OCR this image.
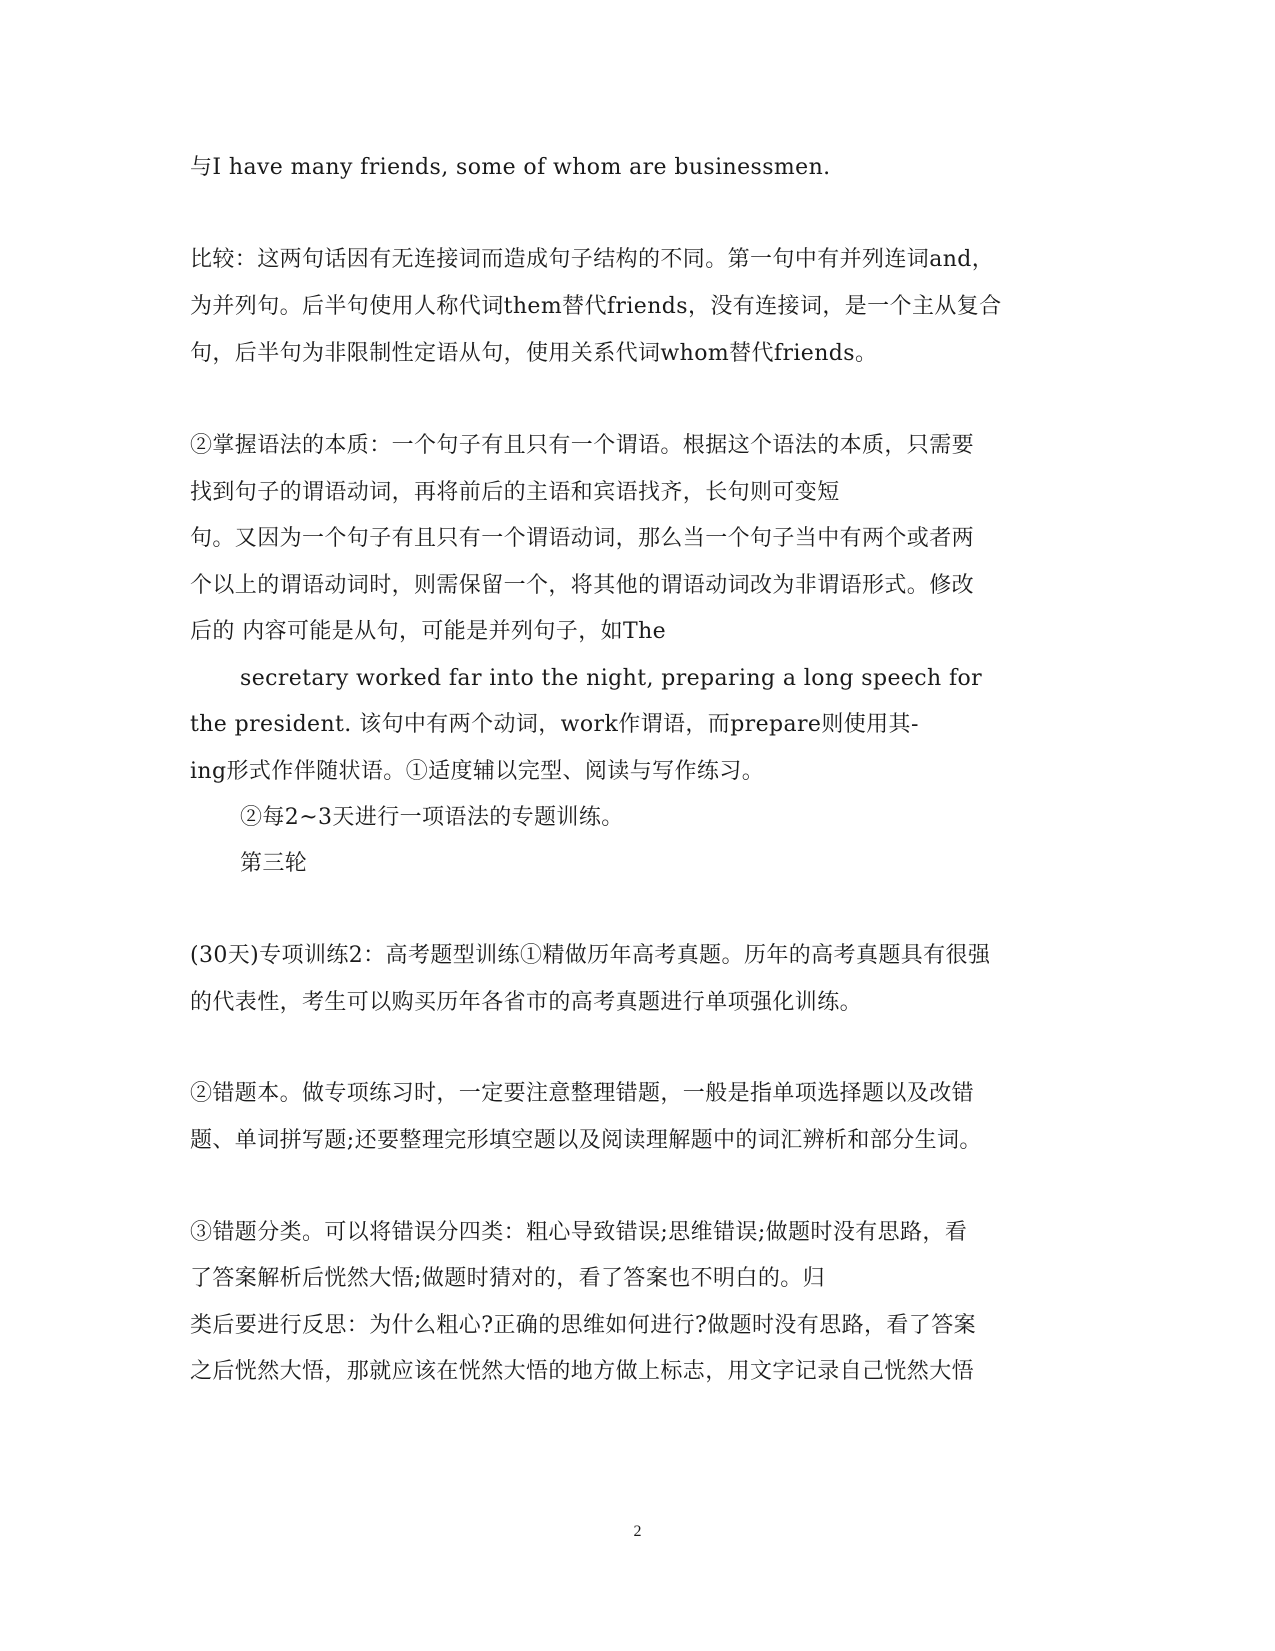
与I have many friends, some of whom are businessmen.
比较：这两句话因有无连接词而造成句子结构的不同。第一句中有并列连词and，
为并列句。后半句使用人称代词them替代friends，没有连接词，是一个主从复合
句，后半句为非限制性定语从句，使用关系代词whom替代friends。
②掌握语法的本质：一个句子有且只有一个谓语。根据这个语法的本质，只需要
找到句子的谓语动词，再将前后的主语和宾语找齐，长句则可变短
句。又因为一个句子有且只有一个谓语动词，那么当一个句子当中有两个或者两
个以上的谓语动词时，则需保留一个，将其他的谓语动词改为非谓语形式。修改
后的 内容可能是从句，可能是并列句子，如The
secretary worked far into the night, preparing a long speech for
the president. 该句中有两个动词，work作谓语，而prepare则使用其-
ing形式作伴随状语。①适度辅以完型、阅读与写作练习。
②每2~3天进行一项语法的专题训练。
第三轮
(30天)专项训练2：高考题型训练①精做历年高考真题。历年的高考真题具有很强
的代表性，考生可以购买历年各省市的高考真题进行单项强化训练。
②错题本。做专项练习时，一定要注意整理错题，一般是指单项选择题以及改错
题、单词拼写题;还要整理完形填空题以及阅读理解题中的词汇辨析和部分生词。
③错题分类。可以将错误分四类：粗心导致错误;思维错误;做题时没有思路，看
了答案解析后恍然大悟;做题时猜对的，看了答案也不明白的。归
类后要进行反思：为什么粗心?正确的思维如何进行?做题时没有思路，看了答案
之后恍然大悟，那就应该在恍然大悟的地方做上标志，用文字记录自己恍然大悟
2
